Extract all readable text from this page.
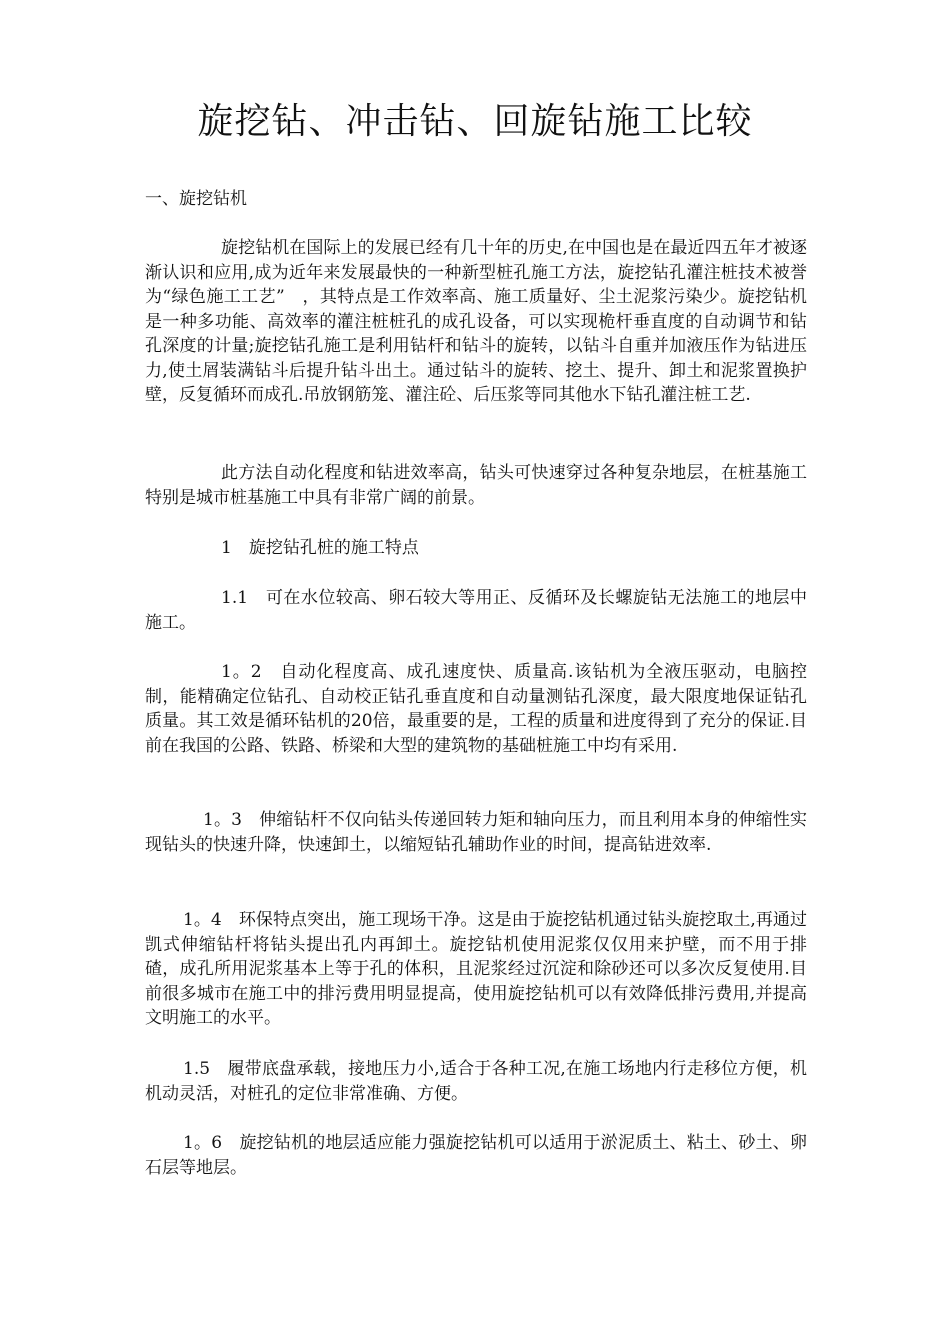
旋挖钻、冲击钻、回旋钻施工比较
一、旋挖钻机

旋挖钻机在国际上的发展已经有几十年的历史,在中国也是在最近四五年才被逐渐认识和应用,成为近年来发展最快的一种新型桩孔施工方法，旋挖钻孔灌注桩技术被誉为“绿色施工工艺”　，其特点是工作效率高、施工质量好、尘土泥浆污染少。旋挖钻机是一种多功能、高效率的灌注桩桩孔的成孔设备，可以实现桅杆垂直度的自动调节和钻孔深度的计量;旋挖钻孔施工是利用钻杆和钻斗的旋转，以钻斗自重并加液压作为钻进压力,使土屑装满钻斗后提升钻斗出土。通过钻斗的旋转、挖土、提升、卸土和泥浆置换护壁，反复循环而成孔.吊放钢筋笼、灌注砼、后压浆等同其他水下钻孔灌注桩工艺.

此方法自动化程度和钻进效率高，钻头可快速穿过各种复杂地层，在桩基施工特别是城市桩基施工中具有非常广阔的前景。

1　旋挖钻孔桩的施工特点

1.1　可在水位较高、卵石较大等用正、反循环及长螺旋钻无法施工的地层中施工。

1。2　自动化程度高、成孔速度快、质量高.该钻机为全液压驱动，电脑控制，能精确定位钻孔、自动校正钻孔垂直度和自动量测钻孔深度，最大限度地保证钻孔质量。其工效是循环钻机的20倍，最重要的是，工程的质量和进度得到了充分的保证.目前在我国的公路、铁路、桥梁和大型的建筑物的基础桩施工中均有采用.

1。3　伸缩钻杆不仅向钻头传递回转力矩和轴向压力，而且利用本身的伸缩性实现钻头的快速升降，快速卸土，以缩短钻孔辅助作业的时间，提高钻进效率.

1。4　环保特点突出，施工现场干净。这是由于旋挖钻机通过钻头旋挖取土,再通过凯式伸缩钻杆将钻头提出孔内再卸土。旋挖钻机使用泥浆仅仅用来护壁，而不用于排碴，成孔所用泥浆基本上等于孔的体积，且泥浆经过沉淀和除砂还可以多次反复使用.目前很多城市在施工中的排污费用明显提高，使用旋挖钻机可以有效降低排污费用,并提高文明施工的水平。

1.5　履带底盘承载，接地压力小,适合于各种工况,在施工场地内行走移位方便，机机动灵活，对桩孔的定位非常准确、方便。

1。6　旋挖钻机的地层适应能力强旋挖钻机可以适用于淤泥质土、粘土、砂土、卵石层等地层。
